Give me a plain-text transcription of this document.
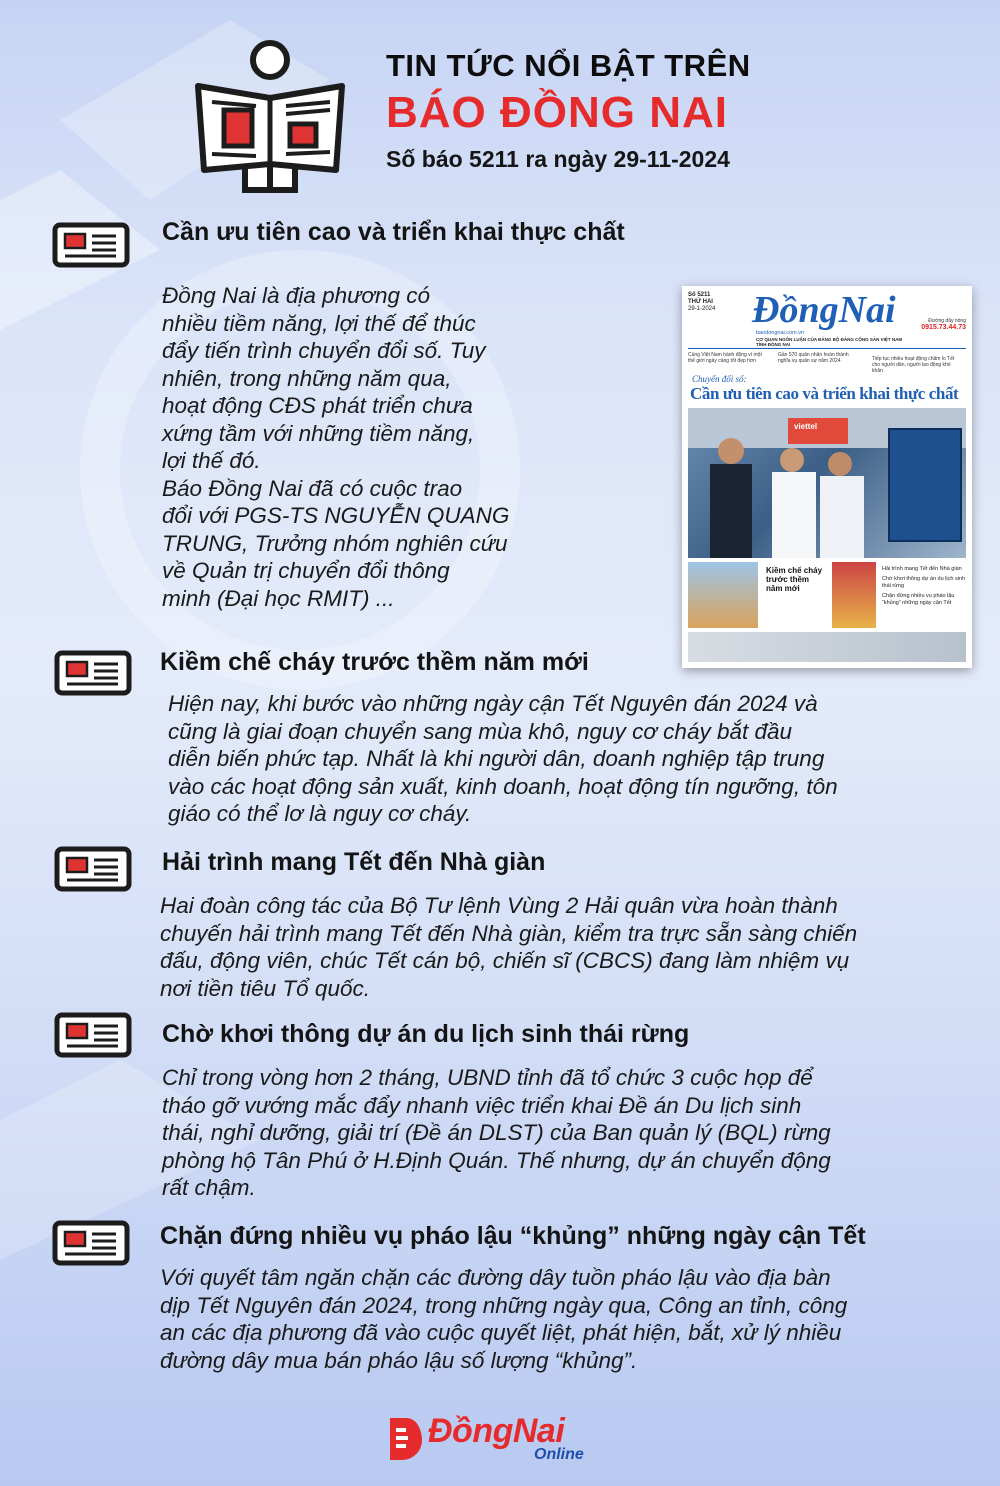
TIN TỨC NỔI BẬT TRÊN
BÁO ĐỒNG NAI
Số báo 5211 ra ngày 29-11-2024
Cần ưu tiên cao và triển khai thực chất
Đồng Nai là địa phương có
nhiều tiềm năng, lợi thế để thúc
đẩy tiến trình chuyển đổi số. Tuy
nhiên, trong những năm qua,
hoạt động CĐS phát triển chưa
xứng tầm với những tiềm năng,
lợi thế đó.
Báo Đồng Nai đã có cuộc trao
đổi với PGS-TS NGUYỄN QUANG
TRUNG, Trưởng nhóm nghiên cứu
về Quản trị chuyển đổi thông
minh (Đại học RMIT) ...
Số 5211
THỨ HAI
29-1-2024 ĐồngNai
baodongnai.com.vn
CƠ QUAN NGÔN LUẬN CỦA ĐẢNG BỘ ĐẢNG CỘNG SẢN VIỆT NAM TỈNH ĐỒNG NAI
Đường dây nóng
0915.73.44.73
Cùng Việt Nam hành động vì một thế giới ngày càng tốt đẹp hơn
Gần 570 quân nhân hoàn thành nghĩa vụ quân sự năm 2024	Tiếp tục nhiều hoạt động chăm lo Tết cho người dân, người lao động khó khăn
Chuyển đổi số:
Cần ưu tiên cao và triển khai thực chất
viettel
Kiềm chế cháy trước thềm năm mới
Hải trình mang Tết đến Nhà giàn
Chờ khơi thông dự án du lịch sinh thái rừng
Chặn đứng nhiều vụ pháo lậu “khủng” những ngày cận Tết
Kiềm chế cháy trước thềm năm mới
Hiện nay, khi bước vào những ngày cận Tết Nguyên đán 2024 và
cũng là giai đoạn chuyển sang mùa khô, nguy cơ cháy bắt đầu
diễn biến phức tạp. Nhất là khi người dân, doanh nghiệp tập trung
vào các hoạt động sản xuất, kinh doanh, hoạt động tín ngưỡng, tôn
giáo có thể lơ là nguy cơ cháy.
Hải trình mang Tết đến Nhà giàn
Hai đoàn công tác của Bộ Tư lệnh Vùng 2 Hải quân vừa hoàn thành
chuyến hải trình mang Tết đến Nhà giàn, kiểm tra trực sẵn sàng chiến
đấu, động viên, chúc Tết cán bộ, chiến sĩ (CBCS) đang làm nhiệm vụ
nơi tiền tiêu Tổ quốc.
Chờ khơi thông dự án du lịch sinh thái rừng
Chỉ trong vòng hơn 2 tháng, UBND tỉnh đã tổ chức 3 cuộc họp để
tháo gỡ vướng mắc đẩy nhanh việc triển khai Đề án Du lịch sinh
thái, nghỉ dưỡng, giải trí (Đề án DLST) của Ban quản lý (BQL) rừng
phòng hộ Tân Phú ở H.Định Quán. Thế nhưng, dự án chuyển động
rất chậm.
Chặn đứng nhiều vụ pháo lậu “khủng” những ngày cận Tết
Với quyết tâm ngăn chặn các đường dây tuồn pháo lậu vào địa bàn
dịp Tết Nguyên đán 2024, trong những ngày qua, Công an tỉnh, công
an các địa phương đã vào cuộc quyết liệt, phát hiện, bắt, xử lý nhiều
đường dây mua bán pháo lậu số lượng “khủng”.
ĐồngNai
Online
